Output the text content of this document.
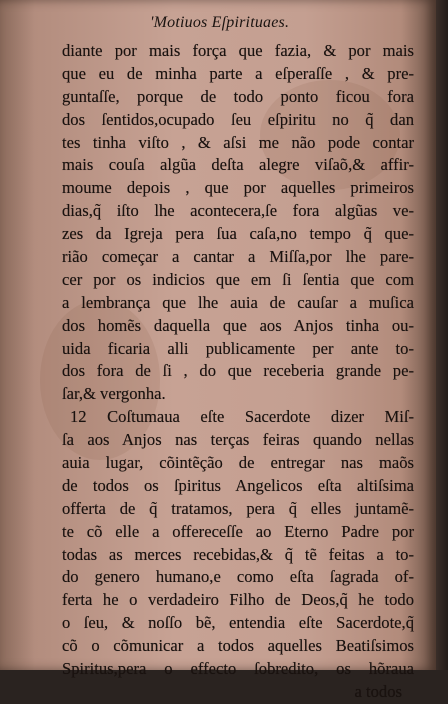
'Motiuos Eſpirituaes.
diante por mais força que fazia, & por mais
que eu de minha parte a eſperaſſe , & pre-
guntaſſe, porque de todo ponto ficou fora
dos ſentidos,ocupado ſeu eſpiritu no q̃ dan
tes tinha viſto , & aſsi me não pode contar
mais couſa algũa deſta alegre viſaõ,& affir-
moume depois , que por aquelles primeiros
dias,q̃ iſto lhe acontecera,ſe fora algũas ve-
zes da Igreja pera ſua caſa,no tempo q̃ que-
rião começar a cantar a Miſſa,por lhe pare-
cer por os indicios que em ſi ſentia que com
a lembrança que lhe auia de cauſar a muſica
dos homẽs daquella que aos Anjos tinha ou-
uida ficaria alli publicamente per ante to-
dos fora de ſi , do que receberia grande pe-
ſar,& vergonha.
12 Coſtumaua eſte Sacerdote dizer Miſ-
ſa aos Anjos nas terças feiras quando nellas
auia lugar, cõintẽção de entregar nas maõs
de todos os ſpiritus Angelicos eſta altiſsima
offerta de q̃ tratamos, pera q̃ elles juntamẽ-
te cõ elle a offereceſſe ao Eterno Padre por
todas as merces recebidas,& q̃ tẽ feitas a to-
do genero humano,e como eſta ſagrada of-
ferta he o verdadeiro Filho de Deos,q̃ he todo
o ſeu, & noſſo bẽ, entendia eſte Sacerdote,q̃
cõ o cõmunicar a todos aquelles Beatiſsimos
Spiritus,pera o effecto ſobredito, os hõraua
a todos
